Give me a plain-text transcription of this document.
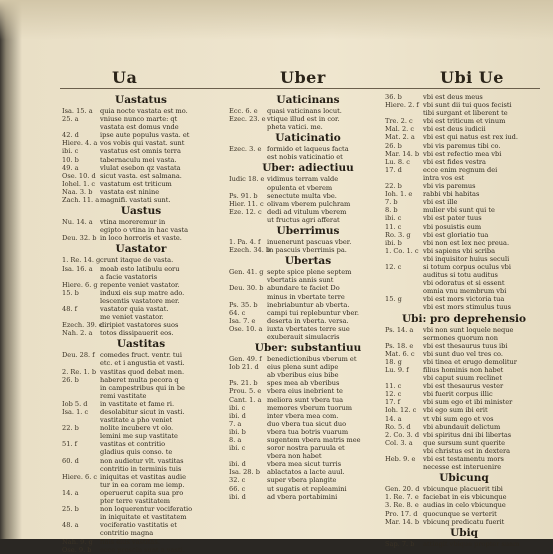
Ua	Uber	Ubi Ue
Uastatus
Isa. 15. a	quia nocte vastata est mo.
25. a	vniuse nunco marte: qt
vastata est domus vnde
42. d	ipse aute populus vasta. et
Hiere. 4. a vos vobis qui vastat. sunt
ibi. c	vastatus est omnis terra
10. b	tabernaculu mei vasta.
49. a	vlulat esebon qz vastata
Ose. 10. d sicut vasta. est salmana.
Iohel. 1. c vastatum est triticum
Naa. 3. b	vastata est ninine
Zach. 11. a magnifi. vastati sunt.
Uastus
Nu. 14. a	vtina moreremur in
egipto o vtina in hac vasta
Deu. 32. b in loco horroris et vaste.
Uastator
1. Re. 14. g crunt itaque de vasta.
Isa. 16. a	moab esto latibulu eoru
a facie vastatoris
Hiere. 6. g repente veniet vastator.
15. b	induxi eis sup matre ado.
lescentis vastatore mer.
48. f	vastator quia vastat.
me veniet vastator.
Ezech. 39. c
diripiet vastatores suos
Nah. 2. a	totos dissipauerit eos.
Uastitas
Deu. 28. f comedes fruct. ventr. tui
etc. et i angustia et vasti.
2. Re. 1. b vastitas quod debat men.
26. b	haberet multa pecora q
in campestribus qui in be
remi vastitate
Iob 5. d	in vastitate et fame ri.
Isa. 1. c	desolabitur sicut in vasti.
vastitate a pho veniet
22. b	nolite incubere vt olo.
lemini me sup vastitate
51. f	vastitas et contritio
gladius quis conso. te
60. d	non audietur vlt. vastitas
contritio in terminis tuis
Hiere. 6. c iniquitas et vastitas audie
tur in ea coram me iemp.
14. a	operuerut capita sua pro
pter terre vastitatem
25. b	non loquerentur vociferatio
in iniquitate et vastitatem
48. a	vociferatio vastitatis et
contritio magna
Nah. 9. g	finis eius vastitas.
Ose. 9. b	ecce prosciu sunt a vasti.
Uaticinans
Ecc. 6. e	quasi vaticinans locut.
Ezec. 23. e vtique illud est in cor.
pheta vatici. me.
Uaticinatio
Ezec. 3. e formido et laqueus facta
est nobis vaticinatio et
Uber: adiectiuu
Iudic 18. e vidimus terram valde
opulenta et vberem
Ps. 91. b	senectute multa vbe.
Hier. 11. c olivam vberem pulchram
Eze. 12. c dedi ad vitulum vberem
ut fructus agri afferat
Uberrimus
1. Pa. 4. f inuenerunt pascuas vber.
Ezech. 34. b
in pascuis vberrimis pa.
Ubertas
Gen. 41. g septe spice plene septem
vbertatis annis sunt
Deu. 30. b abundare te faciet Do
minus in vbertate terre
Ps. 35. b	inebriabuntur ab vberta.
64. c	campi tui replebuntur vber.
Isa. 7. e	deserta in vberta. versa.
Ose. 10. a iuxta vbertates terre sue
exuberauit simulacris
Uber: substantiuu
Gen. 49. f benedictionibus vberum et
Iob 21. d	eius plena sunt adipe
ab vberibus eius bibe
Ps. 21. b	spes mea ab vberibus
Prou. 5. e vbera eius inebrient te
Cant. 1. a meliora sunt vbera tua
ibi. c	memores vberum tuorum
ibi. d	inter vbera mea com.
7. a	duo vbera tua sicut duo
ibi. b	vbera tua botris vuarum
8. a	sugentem vbera matris mee
ibi. c	soror nostra paruula et
vbera non habet
ibi. d	vbera mea sicut turris
Isa. 28. b	ablactatos a lacte auul.
32. c	super vbera plangite
66. c	ut sugatis et repleamini
ibi. d	ad vbera portabimini
36. b	vbi est deus meus
Hiere. 2. f vbi sunt dii tui quos fecisti
tibi surgant et liberent te
Tre. 2. c	vbi est triticum et vinum
Mal. 2. c	vbi est deus iudicii
Mat. 2. a	vbi est qui natus est rex iud.
26. b	vbi vis paremus tibi co.
Mar. 14. b vbi est refectio mea vbi
Lu. 8. c	vbi est fides vestra
17. d	ecce enim regnum dei
intra vos est
22. b	vbi vis paremus
Ioh. 1. e	rabbi vbi habitas
7. b	vbi est ille
8. b	mulier vbi sunt qui te
ibi. c	vbi est pater tuus
11. c	vbi posuistis eum
Ro. 3. g	vbi est gloriatio tua
ibi. b	vbi non est lex nec preua.
1. Co. 1. c vbi sapiens vbi scriba
vbi inquisitor huius seculi
12. c	si totum corpus oculus vbi
auditus si totu auditus
vbi odoratus et si essent
omnia vnu membrum vbi
15. g	vbi est mors victoria tua
vbi est mors stimulus tuus
Ubi: pro deprehensio
Ps. 14. a	vbi non sunt loquele neque
sermones quorum non
Ps. 18. e	vbi est thesaurus tuus ibi
Mat. 6. c	vbi sunt duo vel tres co.
18. g	vbi tinea et erugo demolitur
Lu. 9. f	filius hominis non habet
vbi caput suum reclinet
11. c	vbi est thesaurus vester
12. c	vbi fuerit corpus illic
17. f	vbi sum ego et ibi minister
Ioh. 12. c	vbi ego sum ibi erit
14. a	vt vbi sum ego et vos
Ro. 5. d	vbi abundauit delictum
2. Co. 3. d vbi spiritus dni ibi libertas
Col. 3. a	que sursum sunt querite
vbi christus est in dextera
Heb. 9. e	vbi est testamentu mors
necesse est interuenire
Ubicunq
Gen. 20. d vbicunque placuerit tibi
1. Re. 7. e faciebat in eis vbicunque
3. Re. 8. e audias in celo vbicunque
Pro. 17. d quocunque se verterit
Mar. 14. b vbicunq predicatu fuerit
Ubiq
Sap. 7. b	attingit vbique propter suam
